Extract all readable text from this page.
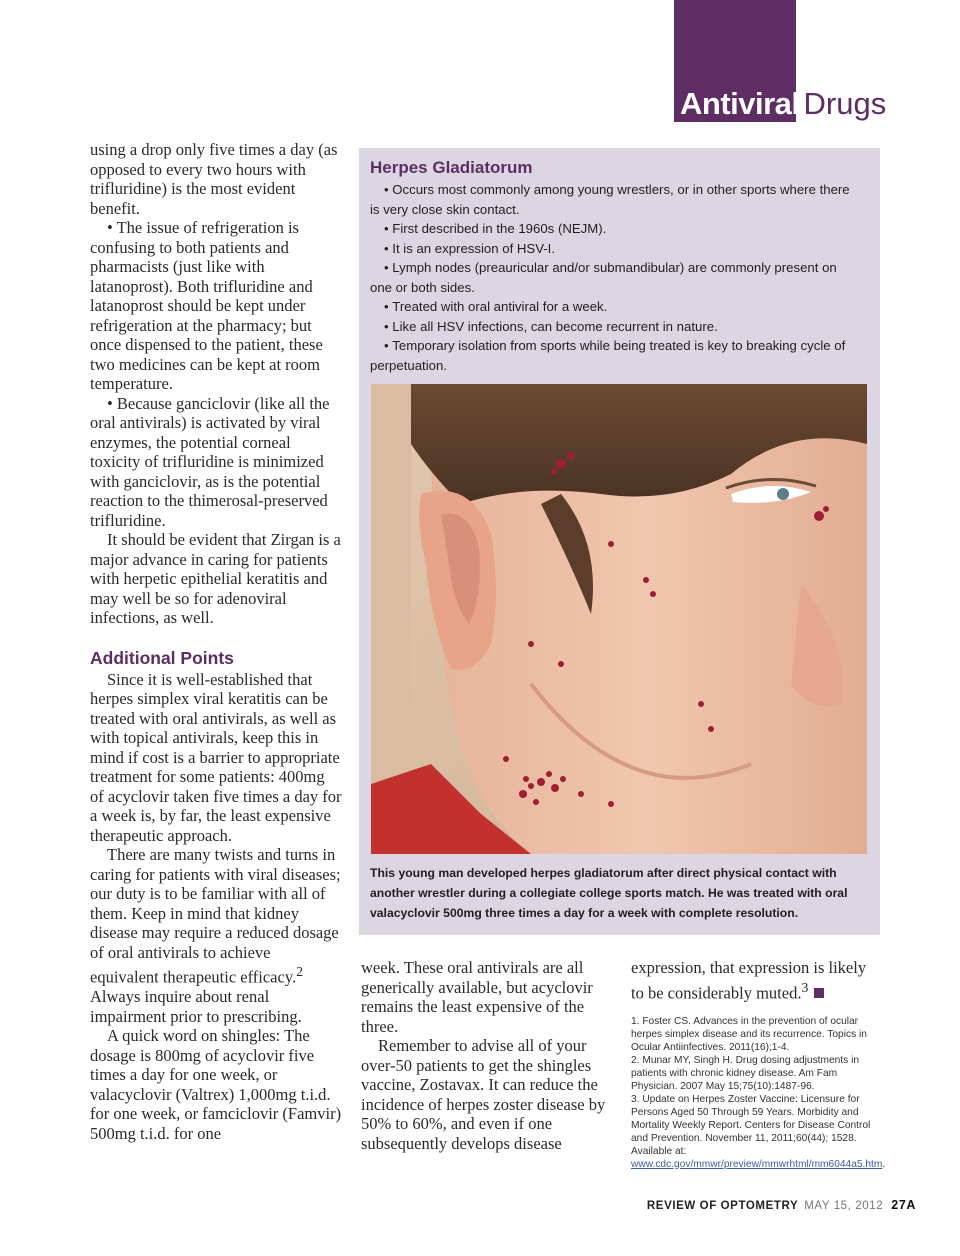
Antiviral Drugs

using a drop only five times a day (as opposed to every two hours with trifluridine) is the most evident benefit.

• The issue of refrigeration is confusing to both patients and pharmacists (just like with latanoprost). Both trifluridine and latanoprost should be kept under refrigeration at the pharmacy; but once dispensed to the patient, these two medicines can be kept at room temperature.

• Because ganciclovir (like all the oral antivirals) is activated by viral enzymes, the potential corneal toxicity of trifluridine is minimized with ganciclovir, as is the potential reaction to the thimerosal-preserved trifluridine.

It should be evident that Zirgan is a major advance in caring for patients with herpetic epithelial keratitis and may well be so for adenoviral infections, as well.

Additional Points

Since it is well-established that herpes simplex viral keratitis can be treated with oral antivirals, as well as with topical antivirals, keep this in mind if cost is a barrier to appropriate treatment for some patients: 400mg of acyclovir taken five times a day for a week is, by far, the least expensive therapeutic approach.

There are many twists and turns in caring for patients with viral diseases; our duty is to be familiar with all of them. Keep in mind that kidney disease may require a reduced dosage of oral antivirals to achieve equivalent therapeutic efficacy.$^2$ Always inquire about renal impairment prior to prescribing.

A quick word on shingles: The dosage is 800mg of acyclovir five times a day for one week, or valacyclovir (Valtrex) 1,000mg t.i.d. for one week, or famciclovir (Famvir) 500mg t.i.d. for one

Herpes Gladiatorum
• Occurs most commonly among young wrestlers, or in other sports where there is very close skin contact.
• First described in the 1960s (NEJM).
• It is an expression of HSV-I.
• Lymph nodes (preauricular and/or submandibular) are commonly present on one or both sides.
• Treated with oral antiviral for a week.
• Like all HSV infections, can become recurrent in nature.
• Temporary isolation from sports while being treated is key to breaking cycle of perpetuation.
This young man developed herpes gladiatorum after direct physical contact with another wrestler during a collegiate college sports match. He was treated with oral valacyclovir 500mg three times a day for a week with complete resolution.

week. These oral antivirals are all generically available, but acyclovir remains the least expensive of the three.

Remember to advise all of your over-50 patients to get the shingles vaccine, Zostavax. It can reduce the incidence of herpes zoster disease by 50% to 60%, and even if one subsequently develops disease

expression, that expression is likely to be considerably muted.$^3$

1. Foster CS. Advances in the prevention of ocular herpes simplex disease and its recurrence. Topics in Ocular Antiinfectives. 2011(16);1-4.
2. Munar MY, Singh H. Drug dosing adjustments in patients with chronic kidney disease. Am Fam Physician. 2007 May 15;75(10):1487-96.
3. Update on Herpes Zoster Vaccine: Licensure for Persons Aged 50 Through 59 Years. Morbidity and Mortality Weekly Report. Centers for Disease Control and Prevention. November 11, 2011;60(44); 1528. Available at: www.cdc.gov/mmwr/preview/mmwrhtml/mm6044a5.htm.
REVIEW OF OPTOMETRY MAY 15, 2012 27A
